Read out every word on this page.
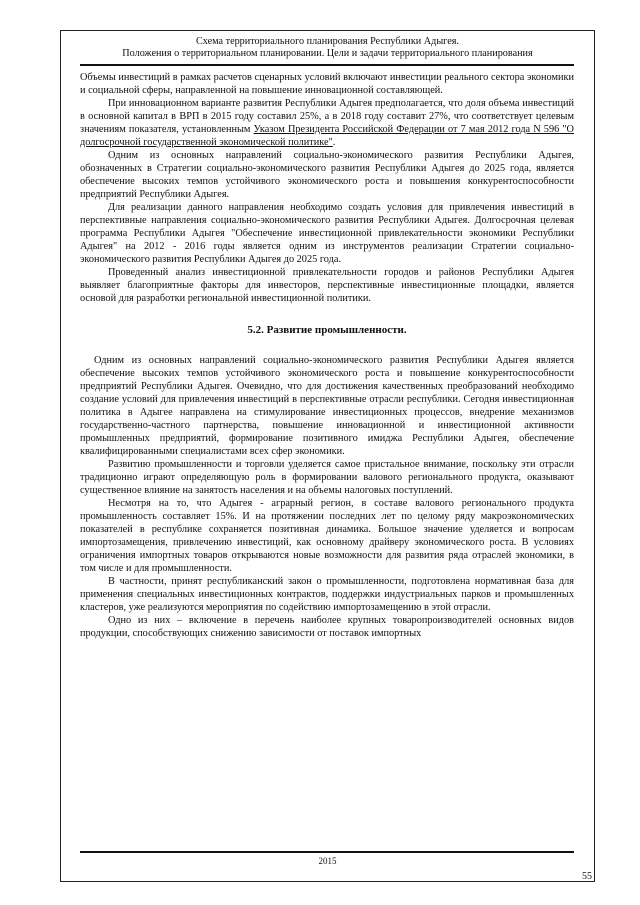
Схема территориального планирования Республики Адыгея.
Положения о территориальном планировании. Цели и задачи территориального планирования

Объемы инвестиций в рамках расчетов сценарных условий включают инвестиции реального сектора экономики и социальной сферы, направленной на повышение инновационной составляющей.

При инновационном варианте развития Республики Адыгея предполагается, что доля объема инвестиций в основной капитал в ВРП в 2015 году составил 25%, а в 2018 году составит 27%, что соответствует целевым значениям показателя, установленным Указом Президента Российской Федерации от 7 мая 2012 года N 596 "О долгосрочной государственной экономической политике".

Одним из основных направлений социально-экономического развития Республики Адыгея, обозначенных в Стратегии социально-экономического развития Республики Адыгея до 2025 года, является обеспечение высоких темпов устойчивого экономического роста и повышения конкурентоспособности предприятий Республики Адыгея.

Для реализации данного направления необходимо создать условия для привлечения инвестиций в перспективные направления социально-экономического развития Республики Адыгея. Долгосрочная целевая программа Республики Адыгея "Обеспечение инвестиционной привлекательности экономики Республики Адыгея" на 2012 - 2016 годы является одним из инструментов реализации Стратегии социально-экономического развития Республики Адыгея до 2025 года.

Проведенный анализ инвестиционной привлекательности городов и районов Республики Адыгея выявляет благоприятные факторы для инвесторов, перспективные инвестиционные площадки, является основой для разработки региональной инвестиционной политики.

5.2. Развитие промышленности.

Одним из основных направлений социально-экономического развития Республики Адыгея является обеспечение высоких темпов устойчивого экономического роста и повышение конкурентоспособности предприятий Республики Адыгея. Очевидно, что для достижения качественных преобразований необходимо создание условий для привлечения инвестиций в перспективные отрасли республики. Сегодня инвестиционная политика в Адыгее направлена на стимулирование инвестиционных процессов, внедрение механизмов государственно-частного партнерства, повышение инновационной и инвестиционной активности промышленных предприятий, формирование позитивного имиджа Республики Адыгея, обеспечение квалифицированными специалистами всех сфер экономики.

Развитию промышленности и торговли уделяется самое пристальное внимание, поскольку эти отрасли традиционно играют определяющую роль в формировании валового регионального продукта, оказывают существенное влияние на занятость населения и на объемы налоговых поступлений.

Несмотря на то, что Адыгея - аграрный регион, в составе валового регионального продукта промышленность составляет 15%. И на протяжении последних лет по целому ряду макроэкономических показателей в республике сохраняется позитивная динамика. Большое значение уделяется и вопросам импортозамещения, привлечению инвестиций, как основному драйверу экономического роста. В условиях ограничения импортных товаров открываются новые возможности для развития ряда отраслей экономики, в том числе и для промышленности.

В частности, принят республиканский закон о промышленности, подготовлена нормативная база для применения специальных инвестиционных контрактов, поддержки индустриальных парков и промышленных кластеров, уже реализуются мероприятия по содействию импортозамещению в этой отрасли.

Одно из них – включение в перечень наиболее крупных товаропроизводителей основных видов продукции, способствующих снижению зависимости от поставок импортных

2015
55
